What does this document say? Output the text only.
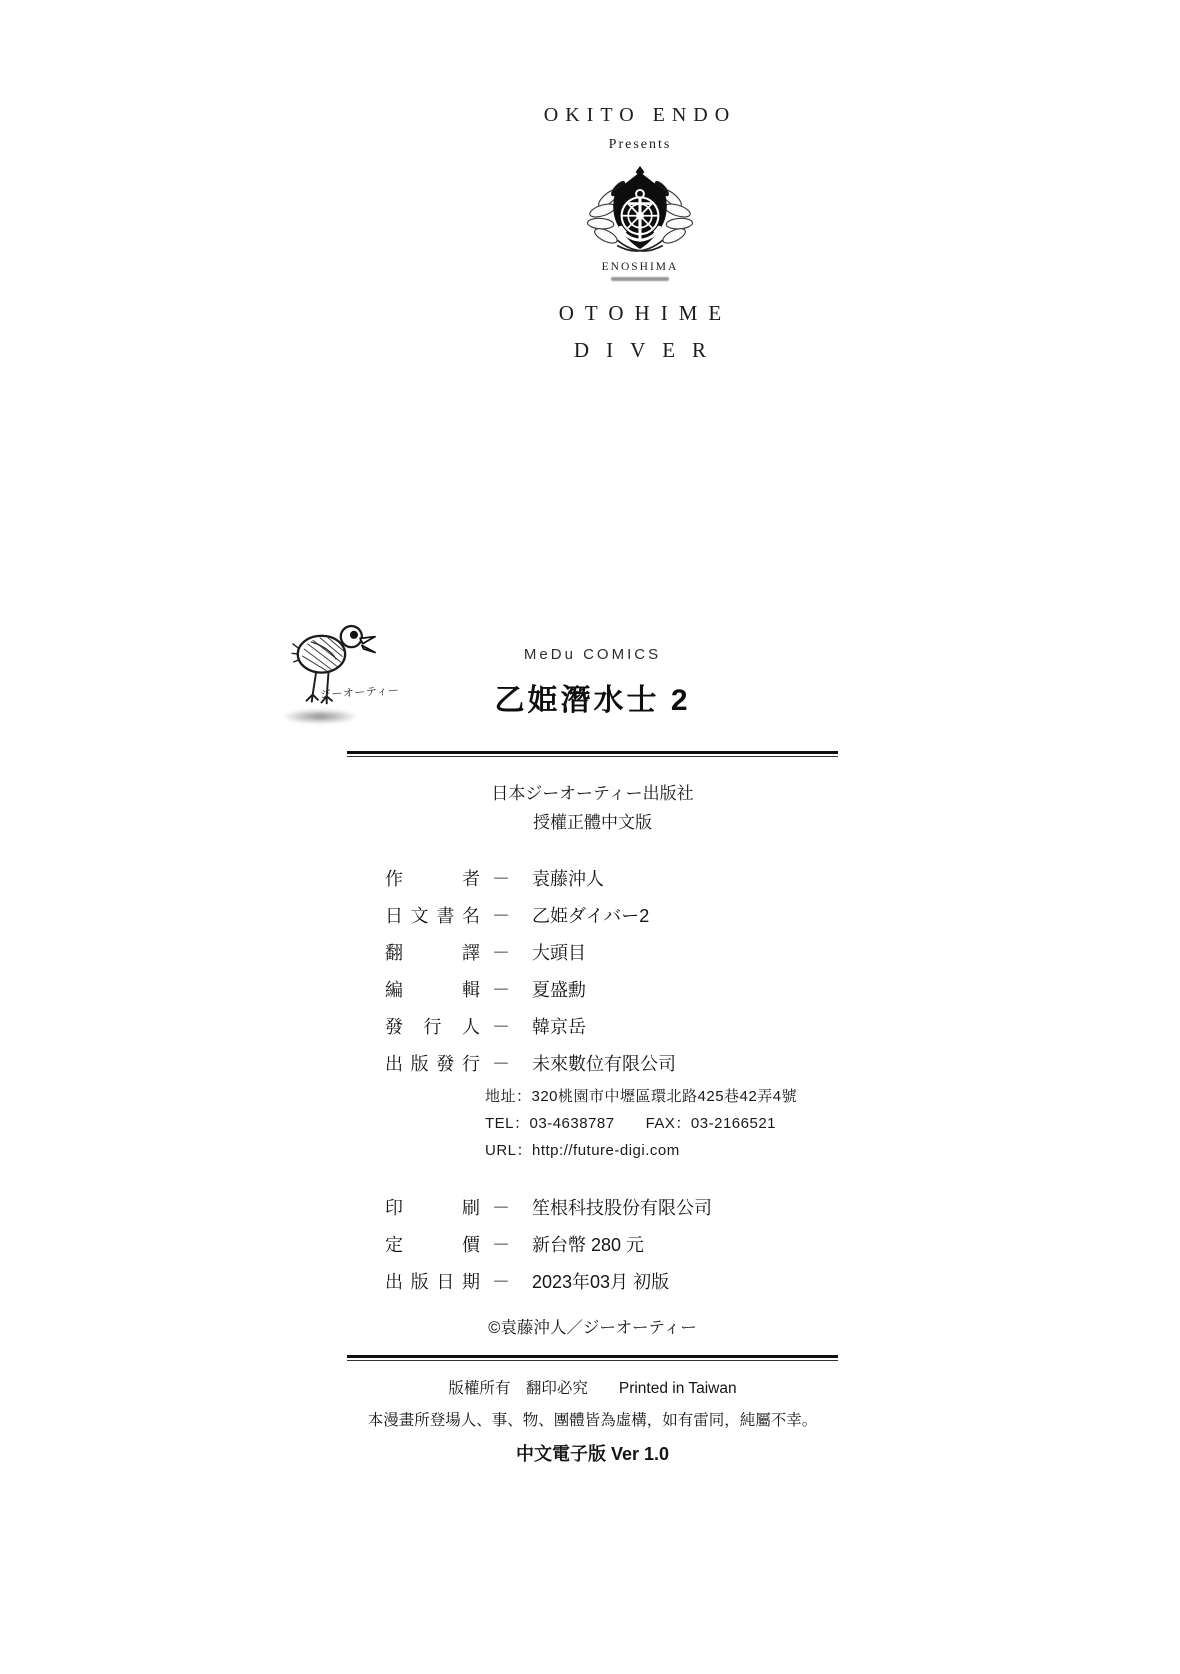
OKITO ENDO
Presents
ENOSHIMA
OTOHIME
DIVER
ジーオーティー
MeDu COMICS
乙姫潛水士 2
日本ジーオーティー出版社
授權正體中文版
作者 － 袁藤沖人
日文書名 － 乙姫ダイバー2
翻譯 － 大頭目
編輯 － 夏盛勳
發行人 － 韓京岳
出版發行 － 未來數位有限公司
地址：320桃園市中壢區環北路425巷42弄4號
TEL：03-4638787　　FAX：03-2166521
URL：http://future-digi.com
印刷 － 笙根科技股份有限公司
定價 － 新台幣 280 元
出版日期 － 2023年03月 初版
©袁藤沖人／ジーオーティー
版權所有　翻印必究　　Printed in Taiwan
本漫畫所登場人、事、物、團體皆為虛構，如有雷同，純屬不幸。
中文電子版 Ver 1.0
